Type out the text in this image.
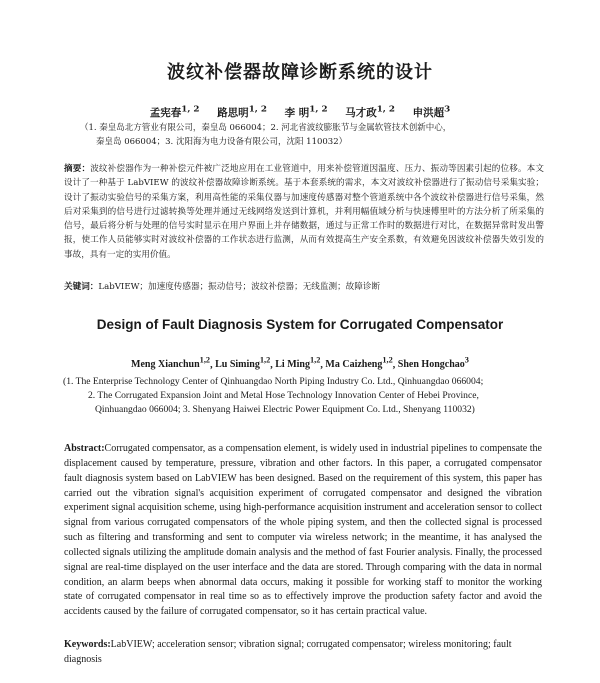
波纹补偿器故障诊断系统的设计
孟宪春$^{1, 2}$ 路思明$^{1, 2}$ 李 明$^{1, 2}$ 马才政$^{1, 2}$ 申洪超$^3$
（1. 秦皇岛北方管业有限公司，秦皇岛 066004；2. 河北省波纹膨胀节与金属软管技术创新中心，
秦皇岛 066004；3. 沈阳海为电力设备有限公司，沈阳 110032）
摘要：波纹补偿器作为一种补偿元件被广泛地应用在工业管道中，用来补偿管道因温度、压力、振动等因素引起的位移。本文设计了一种基于 LabVIEW 的波纹补偿器故障诊断系统。基于本套系统的需求，本文对波纹补偿器进行了振动信号采集实验；设计了振动实验信号的采集方案，利用高性能的采集仪器与加速度传感器对整个管道系统中各个波纹补偿器进行信号采集，然后对采集到的信号进行过滤转换等处理并通过无线网络发送到计算机，并利用幅值域分析与快速傅里叶的方法分析了所采集的信号，最后将分析与处理的信号实时显示在用户界面上并存储数据，通过与正常工作时的数据进行对比，在数据异常时发出警报，使工作人员能够实时对波纹补偿器的工作状态进行监测，从而有效提高生产安全系数，有效避免因波纹补偿器失效引发的事故，具有一定的实用价值。
关键词：LabVIEW；加速度传感器；振动信号；波纹补偿器；无线监测；故障诊断
Design of Fault Diagnosis System for Corrugated Compensator
Meng Xianchun$^{1,2}$, Lu Siming$^{1,2}$, Li Ming$^{1,2}$, Ma Caizheng$^{1,2}$, Shen Hongchao$^3$
(1. The Enterprise Technology Center of Qinhuangdao North Piping Industry Co. Ltd., Qinhuangdao 066004;
2. The Corrugated Expansion Joint and Metal Hose Technology Innovation Center of Hebei Province,
Qinhuangdao 066004; 3. Shenyang Haiwei Electric Power Equipment Co. Ltd., Shenyang 110032)
Abstract:Corrugated compensator, as a compensation element, is widely used in industrial pipelines to compensate the displacement caused by temperature, pressure, vibration and other factors. In this paper, a corrugated compensator fault diagnosis system based on LabVIEW has been designed. Based on the requirement of this system, this paper has carried out the vibration signal's acquisition experiment of corrugated compensator and designed the vibration experiment signal acquisition scheme, using high-performance acquisition instrument and acceleration sensor to collect signal from various corrugated compensators of the whole piping system, and then the collected signal is processed such as filtering and transforming and sent to computer via wireless network; in the meantime, it has analysed the collected signals utilizing the amplitude domain analysis and the method of fast Fourier analysis. Finally, the processed signal are real-time displayed on the user interface and the data are stored. Through comparing with the data in normal condition, an alarm beeps when abnormal data occurs, making it possible for working staff to monitor the working state of corrugated compensator in real time so as to effectively improve the production safety factor and avoid the accidents caused by the failure of corrugated compensator, so it has certain practical value.
Keywords:LabVIEW; acceleration sensor; vibration signal; corrugated compensator; wireless monitoring; fault diagnosis
